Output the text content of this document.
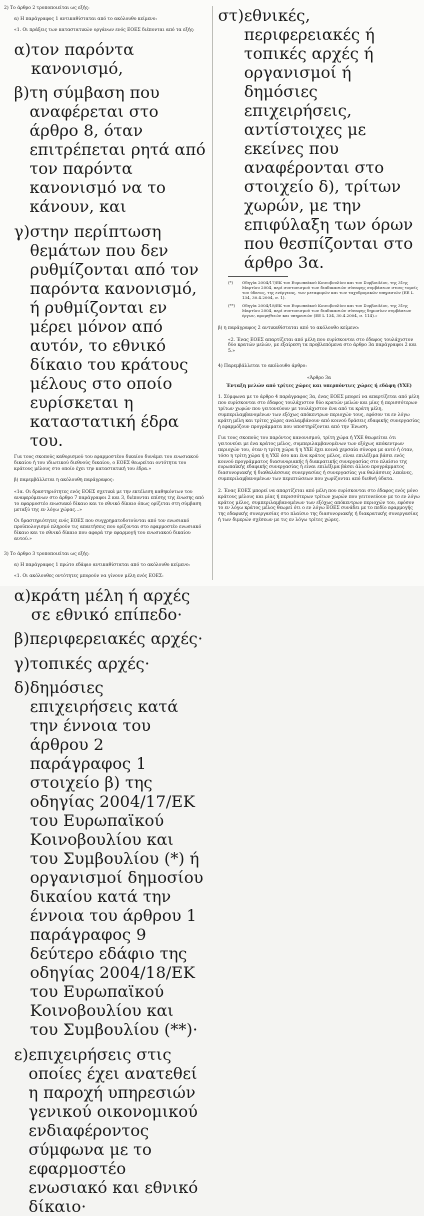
2) Το άρθρο 2 τροποποιείται ως εξής:

α) Η παράγραφος 1 αντικαθίσταται από το ακόλουθο κείμενο:

«1. Οι πράξεις των καταστατικών οργάνων ενός ΕΟΕΣ διέπονται από τα εξής:

α) τον παρόντα κανονισμό,
β) τη σύμβαση που αναφέρεται στο άρθρο 8, όταν επιτρέπεται ρητά από τον παρόντα κανονισμό να το κάνουν, και
γ) στην περίπτωση θεμάτων που δεν ρυθμίζονται από τον παρόντα κανονισμό, ή ρυθμίζονται εν μέρει μόνον από αυτόν, το εθνικό δίκαιο του κράτους μέλους στο οποίο ευρίσκεται η καταστατική έδρα του.

Για τους σκοπούς καθορισμού του εφαρμοστέου δικαίου δυνάμει του ενωσιακού δικαίου ή του ιδιωτικού διεθνούς δικαίου, ο ΕΟΕΣ θεωρείται οντότητα του κράτους μέλους στο οποίο έχει την καταστατική του έδρα.»

β) παρεμβάλλεται η ακόλουθη παράγραφος:

«1α. Οι δραστηριότητες ενός ΕΟΕΣ σχετικά με την εκτέλεση καθηκόντων του αναφερόμενων στο άρθρο 7 παράγραφοι 2 και 3, διέπονται επίσης της ένωσης από το εφαρμοστέο ενωσιακό δίκαιο και το εθνικό δίκαιο όπως ορίζεται στη σύμβαση μεταξύ της εν λόγω χώρας...»

Οι δραστηριότητες ενός ΕΟΕΣ που συγχρηματοδοτούνται από τον ενωσιακό προϋπολογισμό πληρούν τις απαιτήσεις που ορίζονται στο εφαρμοστέο ενωσιακό δίκαιο και το εθνικό δίκαιο που αφορά την εφαρμογή του ενωσιακού δικαίου αυτού.»

3) Το άρθρο 3 τροποποιείται ως εξής:

α) Η παράγραφος 1 πρώτο εδάφιο αντικαθίσταται από το ακόλουθο κείμενο:

«1. Οι ακόλουθες οντότητες μπορούν να γίνουν μέλη ενός ΕΟΕΣ:

α) κράτη μέλη ή αρχές σε εθνικό επίπεδο·
β) περιφερειακές αρχές·
γ) τοπικές αρχές·
δ) δημόσιες επιχειρήσεις κατά την έννοια του άρθρου 2 παράγραφος 1 στοιχείο β) της οδηγίας 2004/17/ΕΚ του Ευρωπαϊκού Κοινοβουλίου και του Συμβουλίου (*) ή οργανισμοί δημοσίου δικαίου κατά την έννοια του άρθρου 1 παράγραφος 9 δεύτερο εδάφιο της οδηγίας 2004/18/ΕΚ του Ευρωπαϊκού Κοινοβουλίου και του Συμβουλίου (**)·
ε) επιχειρήσεις στις οποίες έχει ανατεθεί η παροχή υπηρεσιών γενικού οικονομικού ενδιαφέροντος σύμφωνα με το εφαρμοστέο ενωσιακό και εθνικό δίκαιο·
στ) εθνικές, περιφερειακές ή τοπικές αρχές ή οργανισμοί ή δημόσιες επιχειρήσεις, αντίστοιχες με εκείνες που αναφέρονται στο στοιχείο δ), τρίτων χωρών, με την επιφύλαξη των όρων που θεσπίζονται στο άρθρο 3α.
(*)	Οδηγία 2004/17/ΕΚ του Ευρωπαϊκού Κοινοβουλίου και του Συμβουλίου, της 31ης Μαρτίου 2004, περί συντονισμού των διαδικασιών σύναψης συμβάσεων στους τομείς του ύδατος, της ενέργειας, των μεταφορών και των ταχυδρομικών υπηρεσιών (ΕΕ L 134, 30.4.2004, σ. 1).
(**)	Οδηγία 2004/18/ΕΚ του Ευρωπαϊκού Κοινοβουλίου και του Συμβουλίου, της 31ης Μαρτίου 2004, περί συντονισμού των διαδικασιών σύναψης δημοσίων συμβάσεων έργων, προμηθειών και υπηρεσιών (ΕΕ L 134, 30.4.2004, σ. 114).»

β) η παράγραφος 2 αντικαθίσταται από το ακόλουθο κείμενο:

«2. Ένας ΕΟΕΣ απαρτίζεται από μέλη που ευρίσκονται στο έδαφος τουλάχιστον δύο κρατών μελών, με εξαίρεση τα προβλεπόμενα στο άρθρο 3α παράγραφοι 2 και 5.»

4) Παρεμβάλλεται το ακόλουθο άρθρο:

«Άρθρο 3α

Ένταξη μελών από τρίτες χώρες και υπερπόντιες χώρες ή εδάφη (ΥΧΕ)

1. Σύμφωνα με το άρθρο 4 παράγραφος 3α, ένας ΕΟΕΣ μπορεί να απαρτίζεται από μέλη που ευρίσκονται στο έδαφος τουλάχιστον δύο κρατών μελών και μίας ή περισσότερων τρίτων χωρών που γειτονεύουν με τουλάχιστον ένα από τα κράτη μέλη, συμπεριλαμβανομένων των εξόχως απόκεντρων περιοχών τους, εφόσον τα εν λόγω κράτη μέλη και τρίτες χώρες αναλαμβάνουν από κοινού δράσεις εδαφικής συνεργασίας ή εφαρμόζουν προγράμματα που υποστηρίζονται από την Ένωση.

Για τους σκοπούς του παρόντος κανονισμού, τρίτη χώρα ή ΥΧΕ θεωρείται ότι γειτονεύει με ένα κράτος μέλος, συμπεριλαμβανομένων των εξόχως απόκεντρων περιοχών του, όταν η τρίτη χώρα ή η ΥΧΕ έχει κοινά χερσαία σύνορα με αυτό ή όταν, τόσο η τρίτη χώρα ή η ΥΧΕ όσο και ένα κράτος μέλος, είναι επιλέξιμα βάσει ενός κοινού προγράμματος διασυνοριακής ή διακρατικής συνεργασίας στο πλαίσιο της ευρωπαϊκής εδαφικής συνεργασίας ή είναι επιλέξιμα βάσει άλλου προγράμματος διασυνοριακής ή διαθαλάσσιας συνεργασίας ή συνεργασίας για θαλάσσιες λεκάνες, συμπεριλαμβανομένων των περιπτώσεων που χωρίζονται από διεθνή ύδατα.

2. Ένας ΕΟΕΣ μπορεί να απαρτίζεται από μέλη που ευρίσκονται στο έδαφος ενός μόνο κράτους μέλους και μίας ή περισσότερων τρίτων χωρών που γειτονεύουν με το εν λόγω κράτος μέλος, συμπεριλαμβανομένων των εξόχως απόκεντρων περιοχών του, εφόσον το εν λόγω κράτος μέλος θεωρεί ότι ο εν λόγω ΕΟΕΣ συνάδει με το πεδίο εφαρμογής της εδαφικής συνεργασίας στο πλαίσιο της διασυνοριακής ή διακρατικής συνεργασίας ή των διμερών σχέσεων με τις εν λόγω τρίτες χώρες.
